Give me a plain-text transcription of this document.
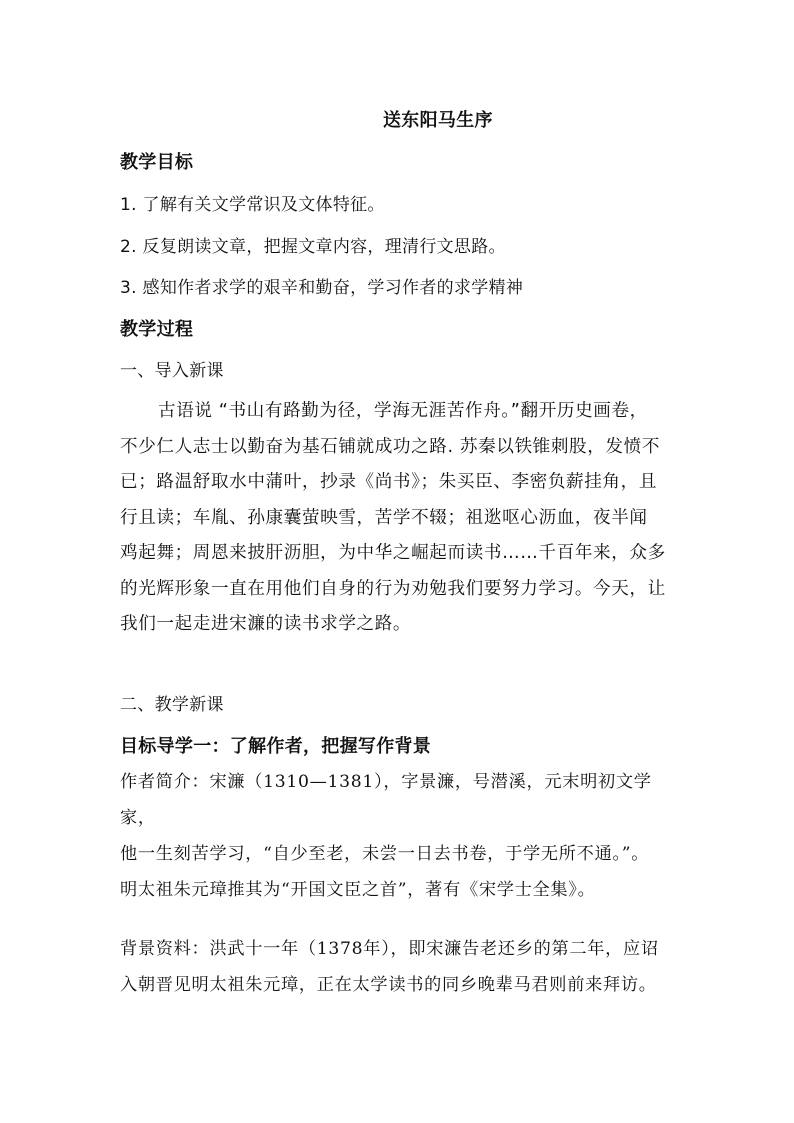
送东阳马生序
教学目标
1. 了解有关文学常识及文体特征。
2. 反复朗读文章，把握文章内容，理清行文思路。
3. 感知作者求学的艰辛和勤奋，学习作者的求学精神
教学过程
一、导入新课

古语说 “书山有路勤为径，学海无涯苦作舟。”翻开历史画卷，

不少仁人志士以勤奋为基石铺就成功之路. 苏秦以铁锥刺股，发愤不

已；路温舒取水中蒲叶，抄录《尚书》；朱买臣、李密负薪挂角，且

行且读；车胤、孙康囊萤映雪，苦学不辍；祖逖呕心沥血，夜半闻

鸡起舞；周恩来披肝沥胆，为中华之崛起而读书……千百年来，众多

的光辉形象一直在用他们自身的行为劝勉我们要努力学习。今天，让

我们一起走进宋濂的读书求学之路。

二、教学新课
目标导学一：了解作者，把握写作背景
作者简介：宋濂（1310—1381），字景濂，号潜溪，元末明初文学家，
他一生刻苦学习，“自少至老，未尝一日去书卷，于学无所不通。”。
明太祖朱元璋推其为“开国文臣之首”，著有《宋学士全集》。
背景资料：洪武十一年（1378年），即宋濂告老还乡的第二年，应诏
入朝晋见明太祖朱元璋，正在太学读书的同乡晚辈马君则前来拜访。
